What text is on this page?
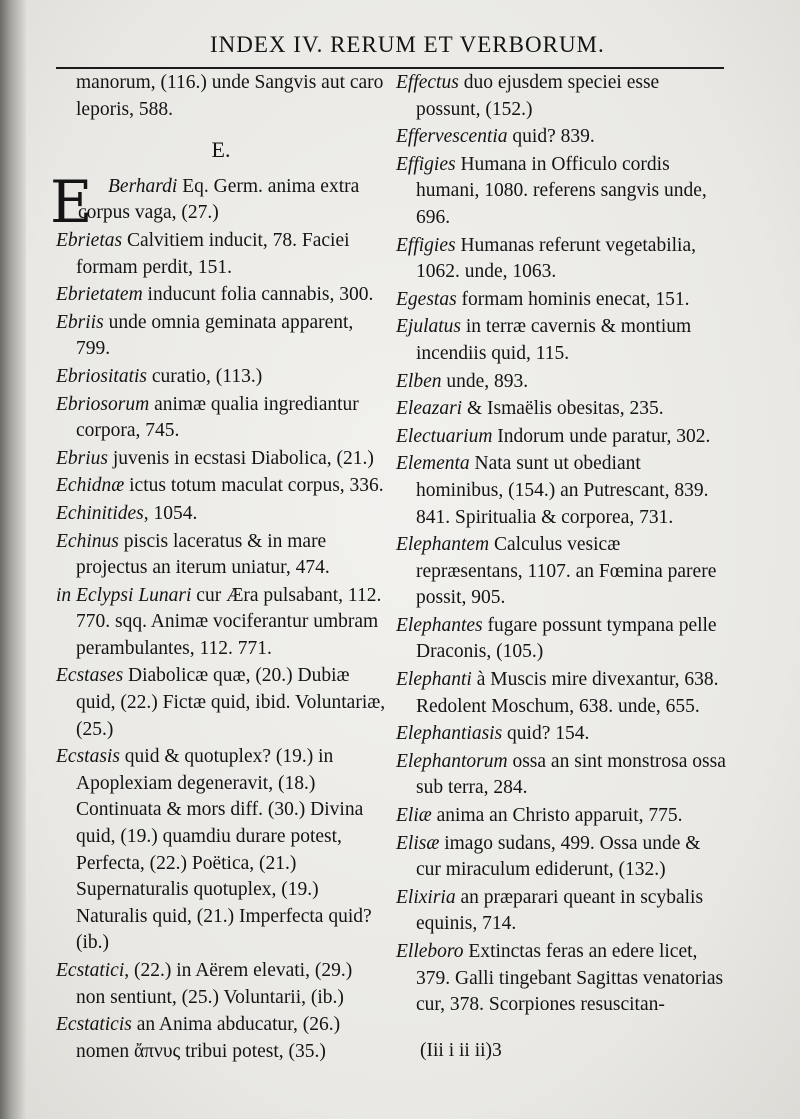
INDEX IV. RERUM ET VERBORUM.
manorum, (116.) unde Sangvis aut caro leporis, 588.
E.
E Berhardi Eq. Germ. anima extra corpus vaga, (27.)
Ebrietas Calvitiem inducit, 78. Faciei formam perdit, 151.
Ebrietatem inducunt folia cannabis, 300.
Ebriis unde omnia geminata apparent, 799.
Ebriositatis curatio, (113.)
Ebriosorum animæ qualia ingrediantur corpora, 745.
Ebrius juvenis in ecstasi Diabolica, (21.)
Echidnæ ictus totum maculat corpus, 336.
Echinitides, 1054.
Echinus piscis laceratus & in mare projectus an iterum uniatur, 474.
in Eclypsi Lunari cur Æra pulsabant, 112. 770. sqq. Animæ vociferantur umbram perambulantes, 112. 771.
Ecstases Diabolicæ quæ, (20.) Dubiæ quid, (22.) Fictæ quid, ibid. Voluntariæ, (25.)
Ecstasis quid & quotuplex? (19.) in Apoplexiam degeneravit, (18.) Continuata & mors diff. (30.) Divina quid, (19.) quamdiu durare potest, Perfecta, (22.) Poëtica, (21.) Supernaturalis quotuplex, (19.) Naturalis quid, (21.) Imperfecta quid? (ib.)
Ecstatici, (22.) in Aërem elevati, (29.) non sentiunt, (25.) Voluntarii, (ib.)
Ecstaticis an Anima abducatur, (26.) nomen ἄπνυς tribui potest, (35.)
Effectus duo ejusdem speciei esse possunt, (152.)
Effervescentia quid? 839.
Effigies Humana in Officulo cordis humani, 1080. referens sangvis unde, 696.
Effigies Humanas referunt vegetabilia, 1062. unde, 1063.
Egestas formam hominis enecat, 151.
Ejulatus in terræ cavernis & montium incendiis quid, 115.
Elben unde, 893.
Eleazari & Ismaëlis obesitas, 235.
Electuarium Indorum unde paratur, 302.
Elementa Nata sunt ut obediant hominibus, (154.) an Putrescant, 839. 841. Spiritualia & corporea, 731.
Elephantem Calculus vesicæ repræsentans, 1107. an Fœmina parere possit, 905.
Elephantes fugare possunt tympana pelle Draconis, (105.)
Elephanti à Muscis mire divexantur, 638. Redolent Moschum, 638. unde, 655.
Elephantiasis quid? 154.
Elephantorum ossa an sint monstrosa ossa sub terra, 284.
Eliæ anima an Christo apparuit, 775.
Elisæ imago sudans, 499. Ossa unde & cur miraculum ediderunt, (132.)
Elixiria an præparari queant in scybalis equinis, 714.
Elleboro Extinctas feras an edere licet, 379. Galli tingebant Sagittas venatorias cur, 378. Scorpiones resuscitan-
(Iii i ii ii)3
